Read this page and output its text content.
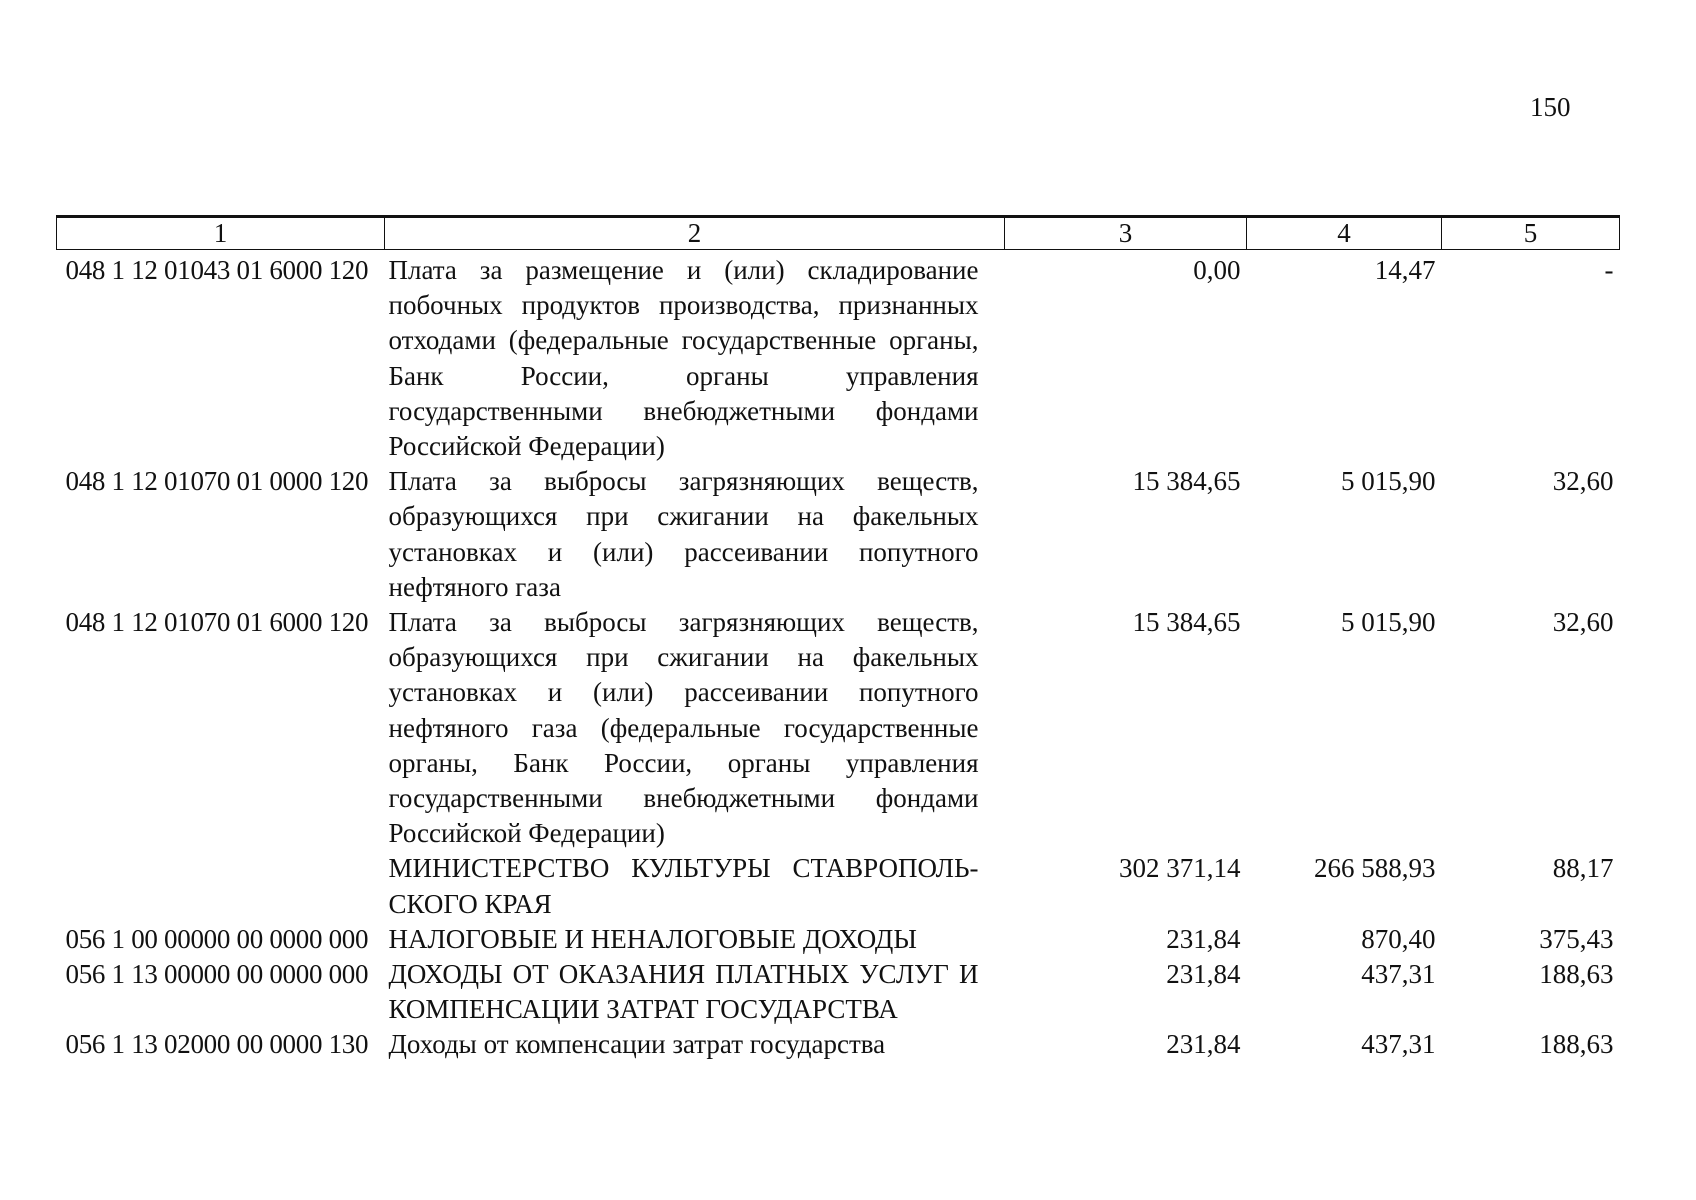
150
1	2	3	4	5
048 1 12 01043 01 6000 120	Плата за размещение и (или) складирование побочных продуктов производства, признанных отходами (федеральные государственные органы, Банк России, органы управления государственными внебюджетными фондами Российской Федерации)	0,00	14,47	-
048 1 12 01070 01 0000 120	Плата за выбросы загрязняющих веществ, образующихся при сжигании на факельных установках и (или) рассеивании попутного нефтяного газа	15 384,65	5 015,90	32,60
048 1 12 01070 01 6000 120	Плата за выбросы загрязняющих веществ, образующихся при сжигании на факельных установках и (или) рассеивании попутного нефтяного газа (федеральные государственные органы, Банк России, органы управления государственными внебюджетными фондами Российской Федерации)	15 384,65	5 015,90	32,60
	МИНИСТЕРСТВО КУЛЬТУРЫ СТАВРОПОЛЬ-СКОГО КРАЯ	302 371,14	266 588,93	88,17
056 1 00 00000 00 0000 000	НАЛОГОВЫЕ И НЕНАЛОГОВЫЕ ДОХОДЫ	231,84	870,40	375,43
056 1 13 00000 00 0000 000	ДОХОДЫ ОТ ОКАЗАНИЯ ПЛАТНЫХ УСЛУГ И КОМПЕНСАЦИИ ЗАТРАТ ГОСУДАРСТВА	231,84	437,31	188,63
056 1 13 02000 00 0000 130	Доходы от компенсации затрат государства	231,84	437,31	188,63
